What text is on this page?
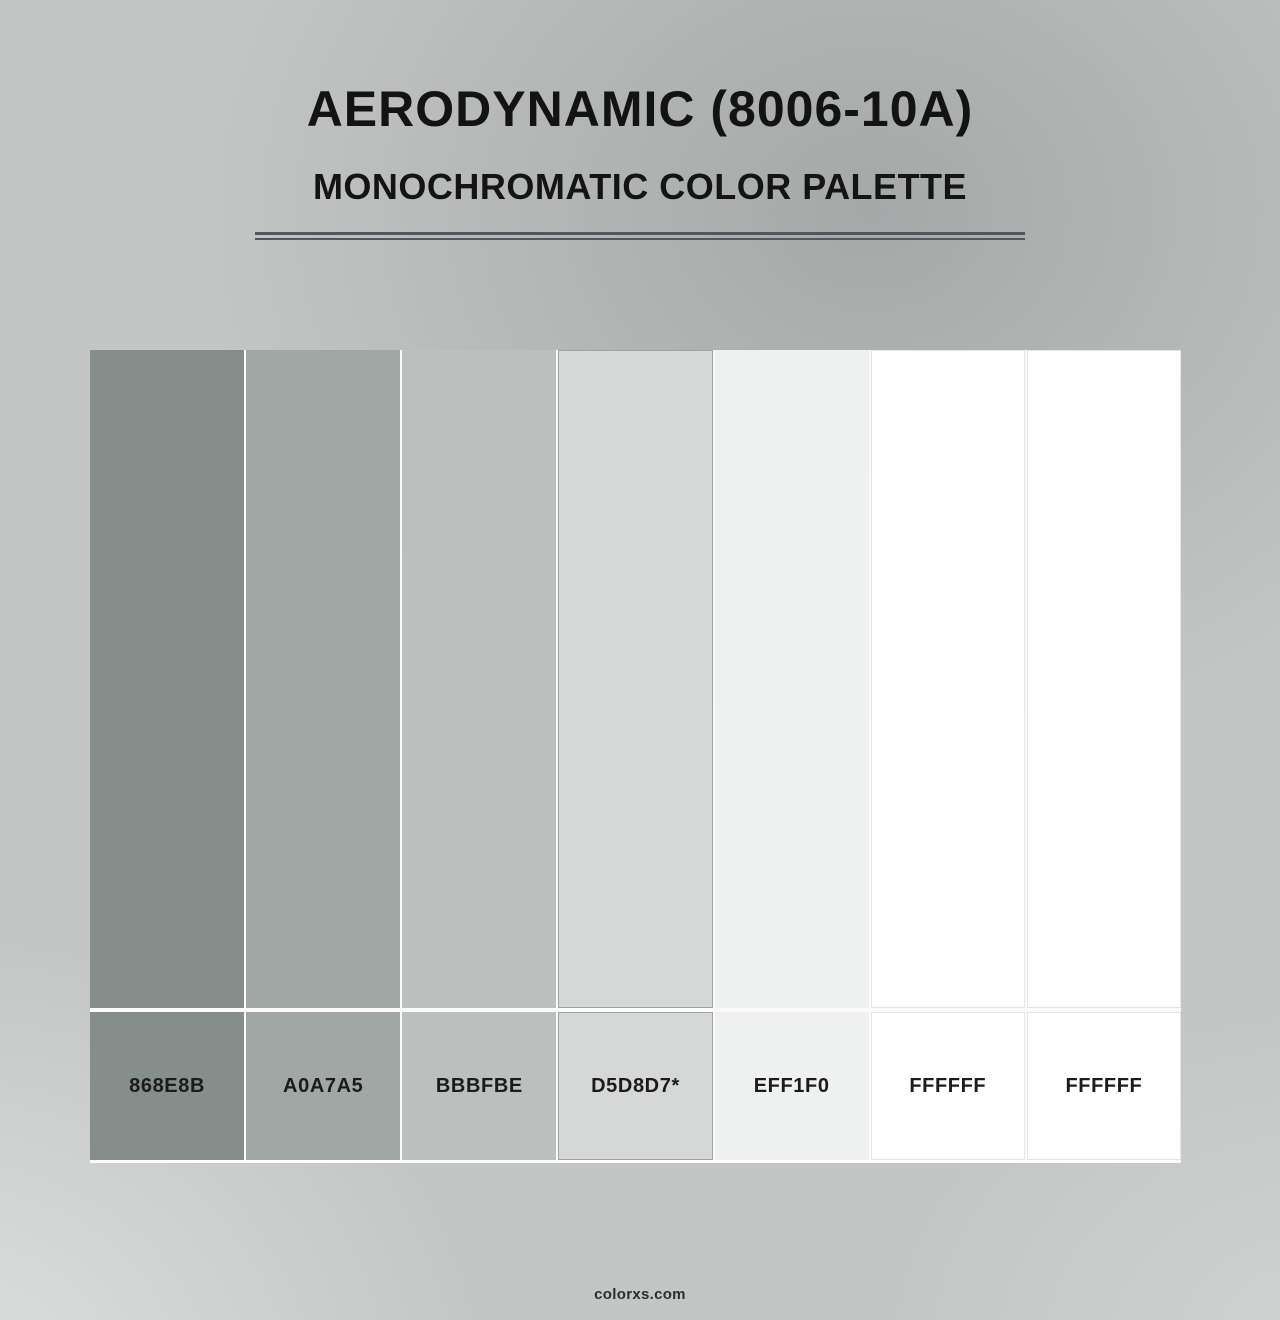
AERODYNAMIC (8006-10A)
MONOCHROMATIC COLOR PALETTE
868E8B	A0A7A5	BBBFBE	D5D8D7*	EFF1F0	FFFFFF	FFFFFF
colorxs.com
